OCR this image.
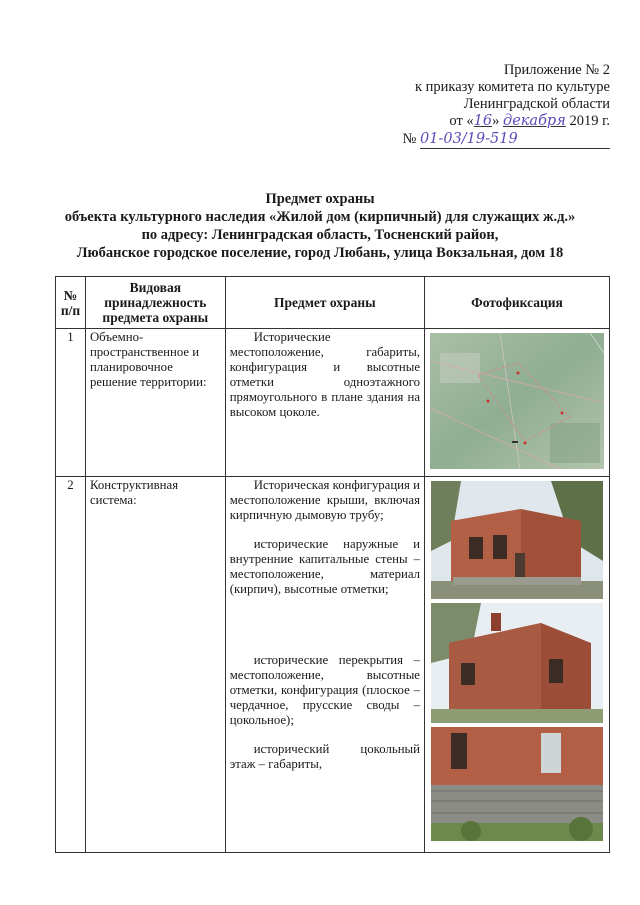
Приложение № 2
к приказу комитета по культуре
Ленинградской области
от «16» декабря 2019 г.
№ 01-03/19-519
Предмет охраны
объекта культурного наследия «Жилой дом (кирпичный) для служащих ж.д.»
по адресу: Ленинградская область, Тосненский район,
Любанское городское поселение, город Любань, улица Вокзальная, дом 18
№ п/п	Видовая принадлежность предмета охраны	Предмет охраны	Фотофиксация
1	Объемно-пространственное и планировочное решение территории:	Исторические местоположение, габариты, конфигурация и высотные отметки одноэтажного прямоугольного в плане здания на высоком цоколе.	

2	Конструктивная система:	Историческая конфигурация и местоположение крыши, включая кирпичную дымовую трубу;
исторические наружные и внутренние капитальные стены – местоположение, материал (кирпич), высотные отметки;
исторические перекрытия – местоположение, высотные отметки, конфигурация (плоское – чердачное, прусские своды – цокольное);
исторический цокольный этаж – габариты,
